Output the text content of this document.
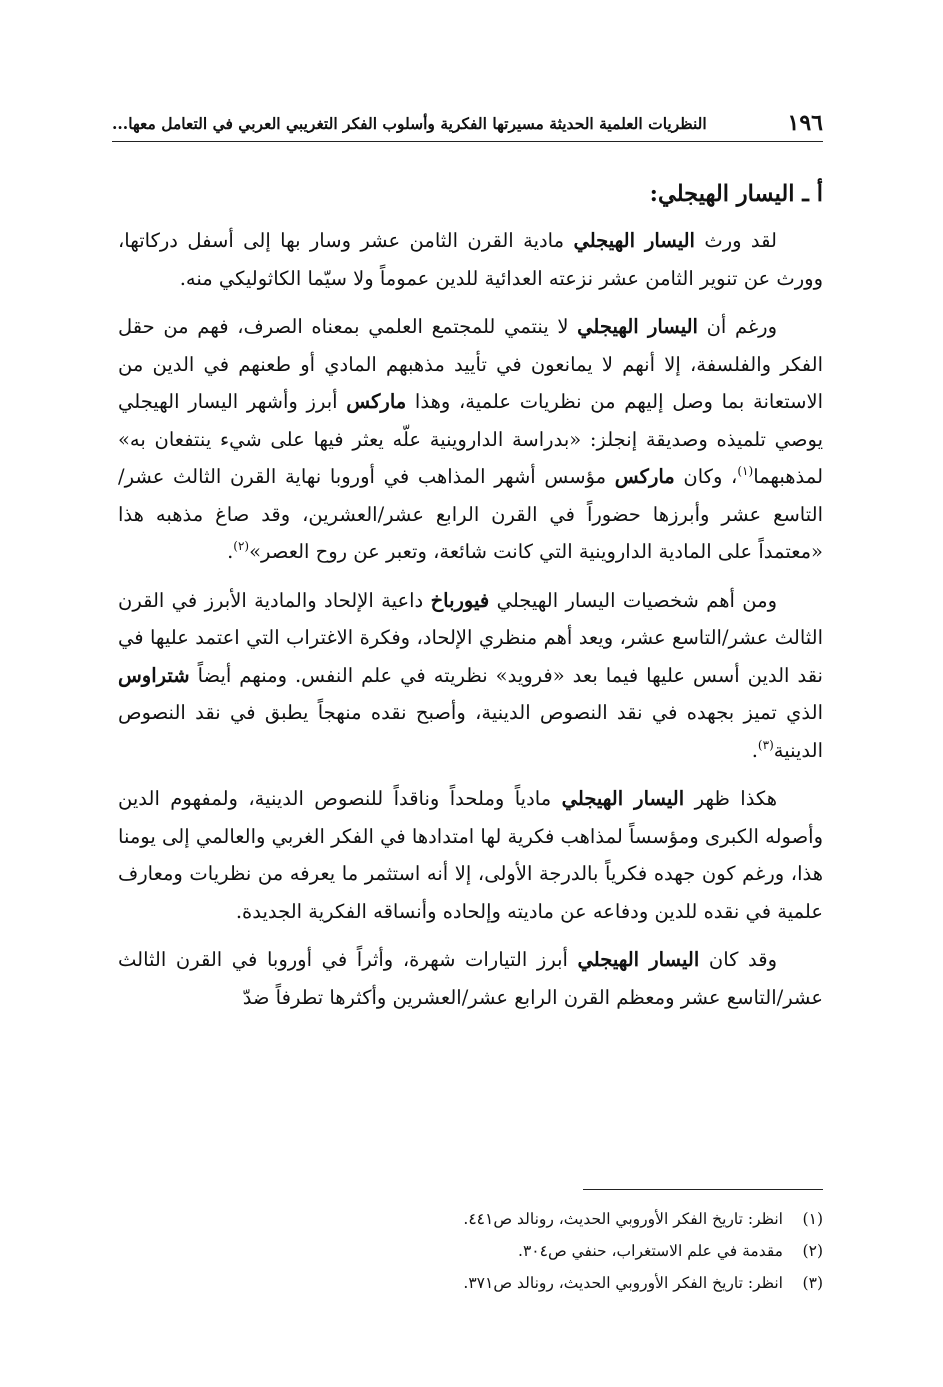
١٩٦
النظريات العلمية الحديثة مسيرتها الفكرية وأسلوب الفكر التغريبي العربي في التعامل معها...
أ ـ اليسار الهيجلي:

لقد ورث اليسار الهيجلي مادية القرن الثامن عشر وسار بها إلى أسفل دركاتها، وورث عن تنوير الثامن عشر نزعته العدائية للدين عموماً ولا سيّما الكاثوليكي منه.

ورغم أن اليسار الهيجلي لا ينتمي للمجتمع العلمي بمعناه الصرف، فهم من حقل الفكر والفلسفة، إلا أنهم لا يمانعون في تأييد مذهبهم المادي أو طعنهم في الدين من الاستعانة بما وصل إليهم من نظريات علمية، وهذا ماركس أبرز وأشهر اليسار الهيجلي يوصي تلميذه وصديقة إنجلز: «بدراسة الداروينية علّه يعثر فيها على شيء ينتفعان به» لمذهبهما$^{(١)}$، وكان ماركس مؤسس أشهر المذاهب في أوروبا نهاية القرن الثالث عشر/التاسع عشر وأبرزها حضوراً في القرن الرابع عشر/العشرين، وقد صاغ مذهبه هذا «معتمداً على المادية الداروينية التي كانت شائعة، وتعبر عن روح العصر»$^{(٢)}$.

ومن أهم شخصيات اليسار الهيجلي فيورباخ داعية الإلحاد والمادية الأبرز في القرن الثالث عشر/التاسع عشر، ويعد أهم منظري الإلحاد، وفكرة الاغتراب التي اعتمد عليها في نقد الدين أسس عليها فيما بعد «فرويد» نظريته في علم النفس. ومنهم أيضاً شتراوس الذي تميز بجهده في نقد النصوص الدينية، وأصبح نقده منهجاً يطبق في نقد النصوص الدينية$^{(٣)}$.

هكذا ظهر اليسار الهيجلي مادياً وملحداً وناقداً للنصوص الدينية، ولمفهوم الدين وأصوله الكبرى ومؤسساً لمذاهب فكرية لها امتدادها في الفكر الغربي والعالمي إلى يومنا هذا، ورغم كون جهده فكرياً بالدرجة الأولى، إلا أنه استثمر ما يعرفه من نظريات ومعارف علمية في نقده للدين ودفاعه عن ماديته وإلحاده وأنساقه الفكرية الجديدة.

وقد كان اليسار الهيجلي أبرز التيارات شهرة، وأثراً في أوروبا في القرن الثالث عشر/التاسع عشر ومعظم القرن الرابع عشر/العشرين وأكثرها تطرفاً ضدّ

(١)
انظر: تاريخ الفكر الأوروبي الحديث، رونالد ص٤٤١.
(٢)
مقدمة في علم الاستغراب، حنفي ص٣٠٤.
(٣)
انظر: تاريخ الفكر الأوروبي الحديث، رونالد ص٣٧١.
